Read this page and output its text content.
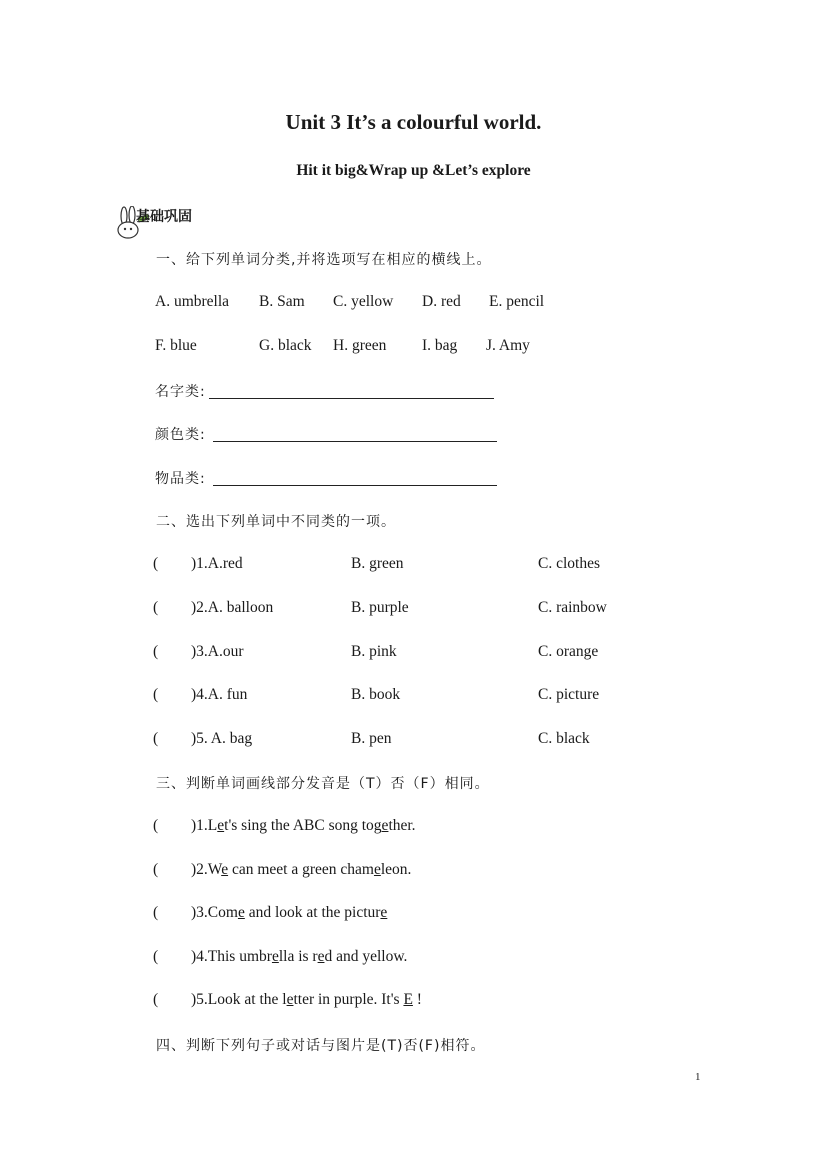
Unit 3 It’s a colourful world.
Hit it big&Wrap up &Let’s explore
基础巩固
一、给下列单词分类,并将选项写在相应的横线上。
A. umbrella B. Sam C. yellow D. red E. pencil
F. blue	G. black H. green I. bag J. Amy
名字类:
颜色类:
物品类:
二、选出下列单词中不同类的一项。
( )1.A.red	B. green	C. clothes
( )2.A. balloon	B. purple	C. rainbow
( )3.A.our	B. pink	C. orange
( )4.A. fun	B. book	C. picture
( )5. A. bag	B. pen	C. black
三、判断单词画线部分发音是（T）否（F）相同。
( )1.Let's sing the ABC song together.
( )2.We can meet a green chameleon.
( )3.Come and look at the picture
( )4.This umbrella is red and yellow.
( )5.Look at the letter in purple. It's E !
四、判断下列句子或对话与图片是(T)否(F)相符。
1
